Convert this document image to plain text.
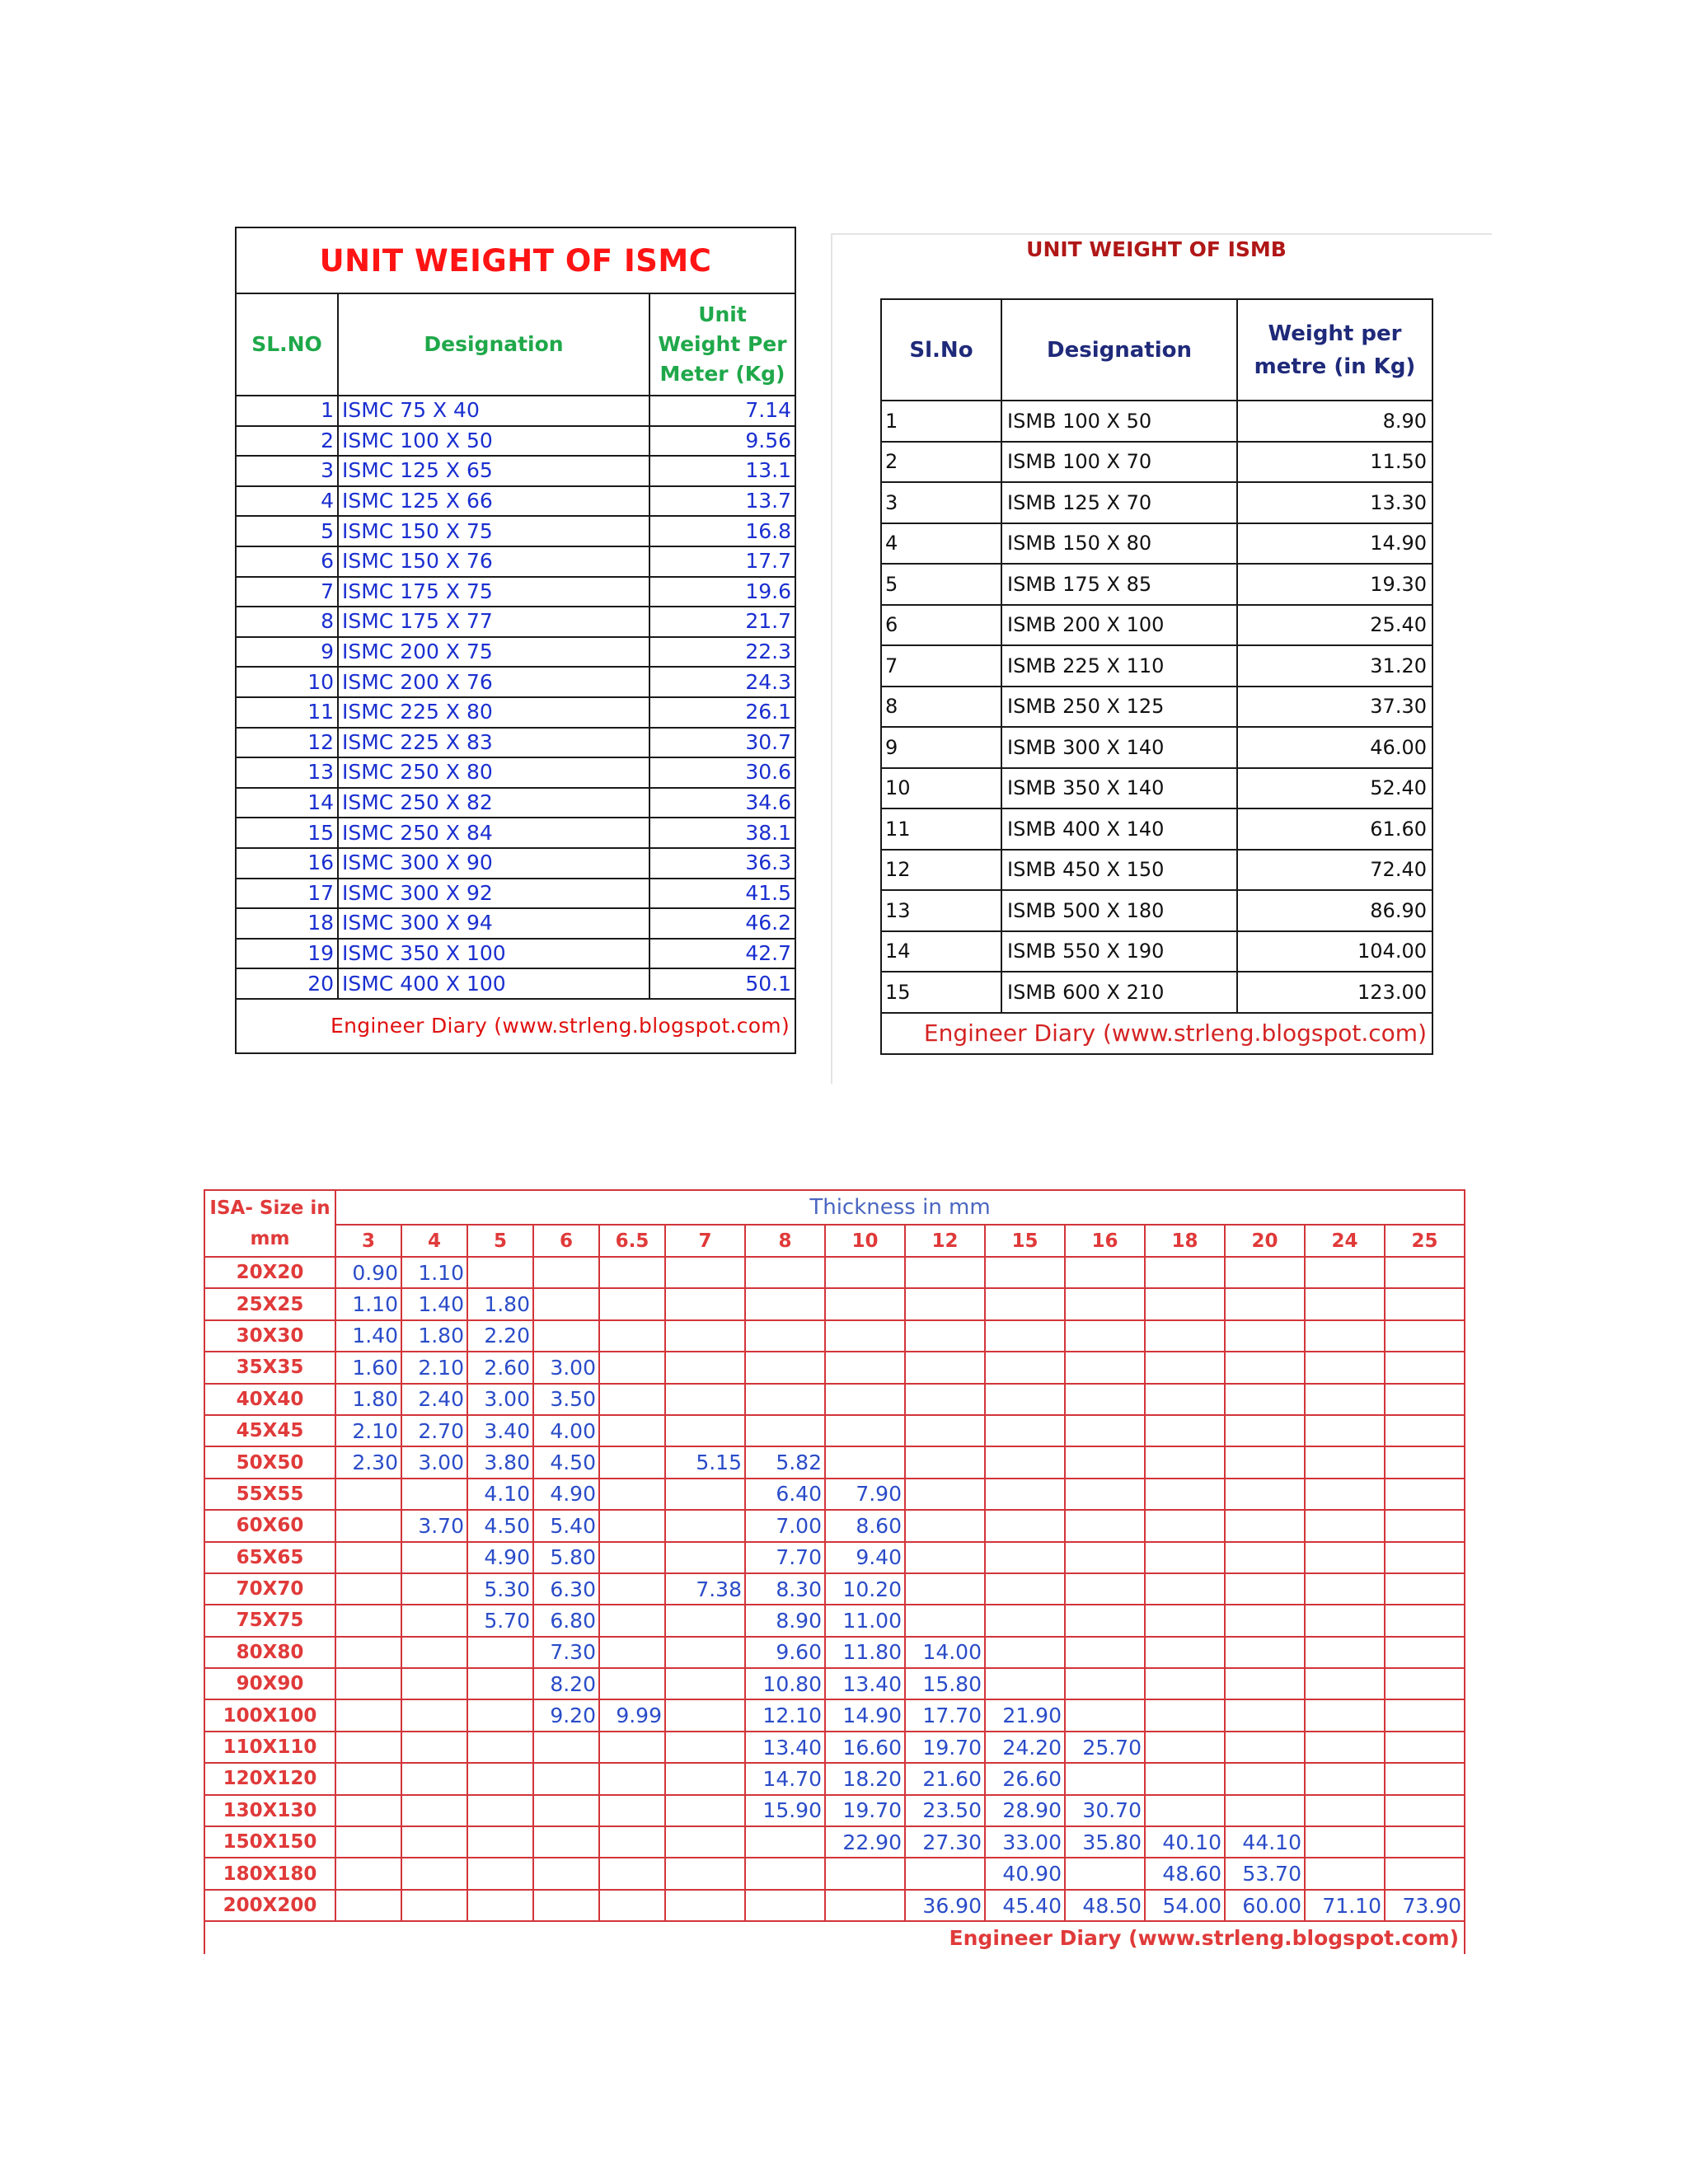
UNIT WEIGHT OF ISMC		
SL.NO	Designation	Unit Weight Per Meter (Kg)
1	ISMC 75 X 40	7.14
2	ISMC 100 X 50	9.56
3	ISMC 125 X 65	13.1
4	ISMC 125 X 66	13.7
5	ISMC 150 X 75	16.8
6	ISMC 150 X 76	17.7
7	ISMC 175 X 75	19.6
8	ISMC 175 X 77	21.7
9	ISMC 200 X 75	22.3
10	ISMC 200 X 76	24.3
11	ISMC 225 X 80	26.1
12	ISMC 225 X 83	30.7
13	ISMC 250 X 80	30.6
14	ISMC 250 X 82	34.6
15	ISMC 250 X 84	38.1
16	ISMC 300 X 90	36.3
17	ISMC 300 X 92	41.5
18	ISMC 300 X 94	46.2
19	ISMC 350 X 100	42.7
20	ISMC 400 X 100	50.1
Engineer Diary (www.strleng.blogspot.com)		
UNIT WEIGHT OF ISMB
Sl.No	Designation	Weight per metre (in Kg)
1	ISMB 100 X 50	8.90
2	ISMB 100 X 70	11.50
3	ISMB 125 X 70	13.30
4	ISMB 150 X 80	14.90
5	ISMB 175 X 85	19.30
6	ISMB 200 X 100	25.40
7	ISMB 225 X 110	31.20
8	ISMB 250 X 125	37.30
9	ISMB 300 X 140	46.00
10	ISMB 350 X 140	52.40
11	ISMB 400 X 140	61.60
12	ISMB 450 X 150	72.40
13	ISMB 500 X 180	86.90
14	ISMB 550 X 190	104.00
15	ISMB 600 X 210	123.00
Engineer Diary (www.strleng.blogspot.com)		
ISA- Size in mm	Thickness in mm														
	3	4	5	6	6.5	7	8	10	12	15	16	18	20	24	25
20X20	0.90	1.10													
25X25	1.10	1.40	1.80												
30X30	1.40	1.80	2.20												
35X35	1.60	2.10	2.60	3.00											
40X40	1.80	2.40	3.00	3.50											
45X45	2.10	2.70	3.40	4.00											
50X50	2.30	3.00	3.80	4.50		5.15	5.82								
55X55			4.10	4.90			6.40	7.90							
60X60		3.70	4.50	5.40			7.00	8.60							
65X65			4.90	5.80			7.70	9.40							
70X70			5.30	6.30		7.38	8.30	10.20							
75X75			5.70	6.80			8.90	11.00							
80X80				7.30			9.60	11.80	14.00						
90X90				8.20			10.80	13.40	15.80						
100X100				9.20	9.99		12.10	14.90	17.70	21.90					
110X110							13.40	16.60	19.70	24.20	25.70				
120X120							14.70	18.20	21.60	26.60					
130X130							15.90	19.70	23.50	28.90	30.70				
150X150								22.90	27.30	33.00	35.80	40.10	44.10		
180X180										40.90		48.60	53.70		
200X200									36.90	45.40	48.50	54.00	60.00	71.10	73.90
Engineer Diary (www.strleng.blogspot.com)															
